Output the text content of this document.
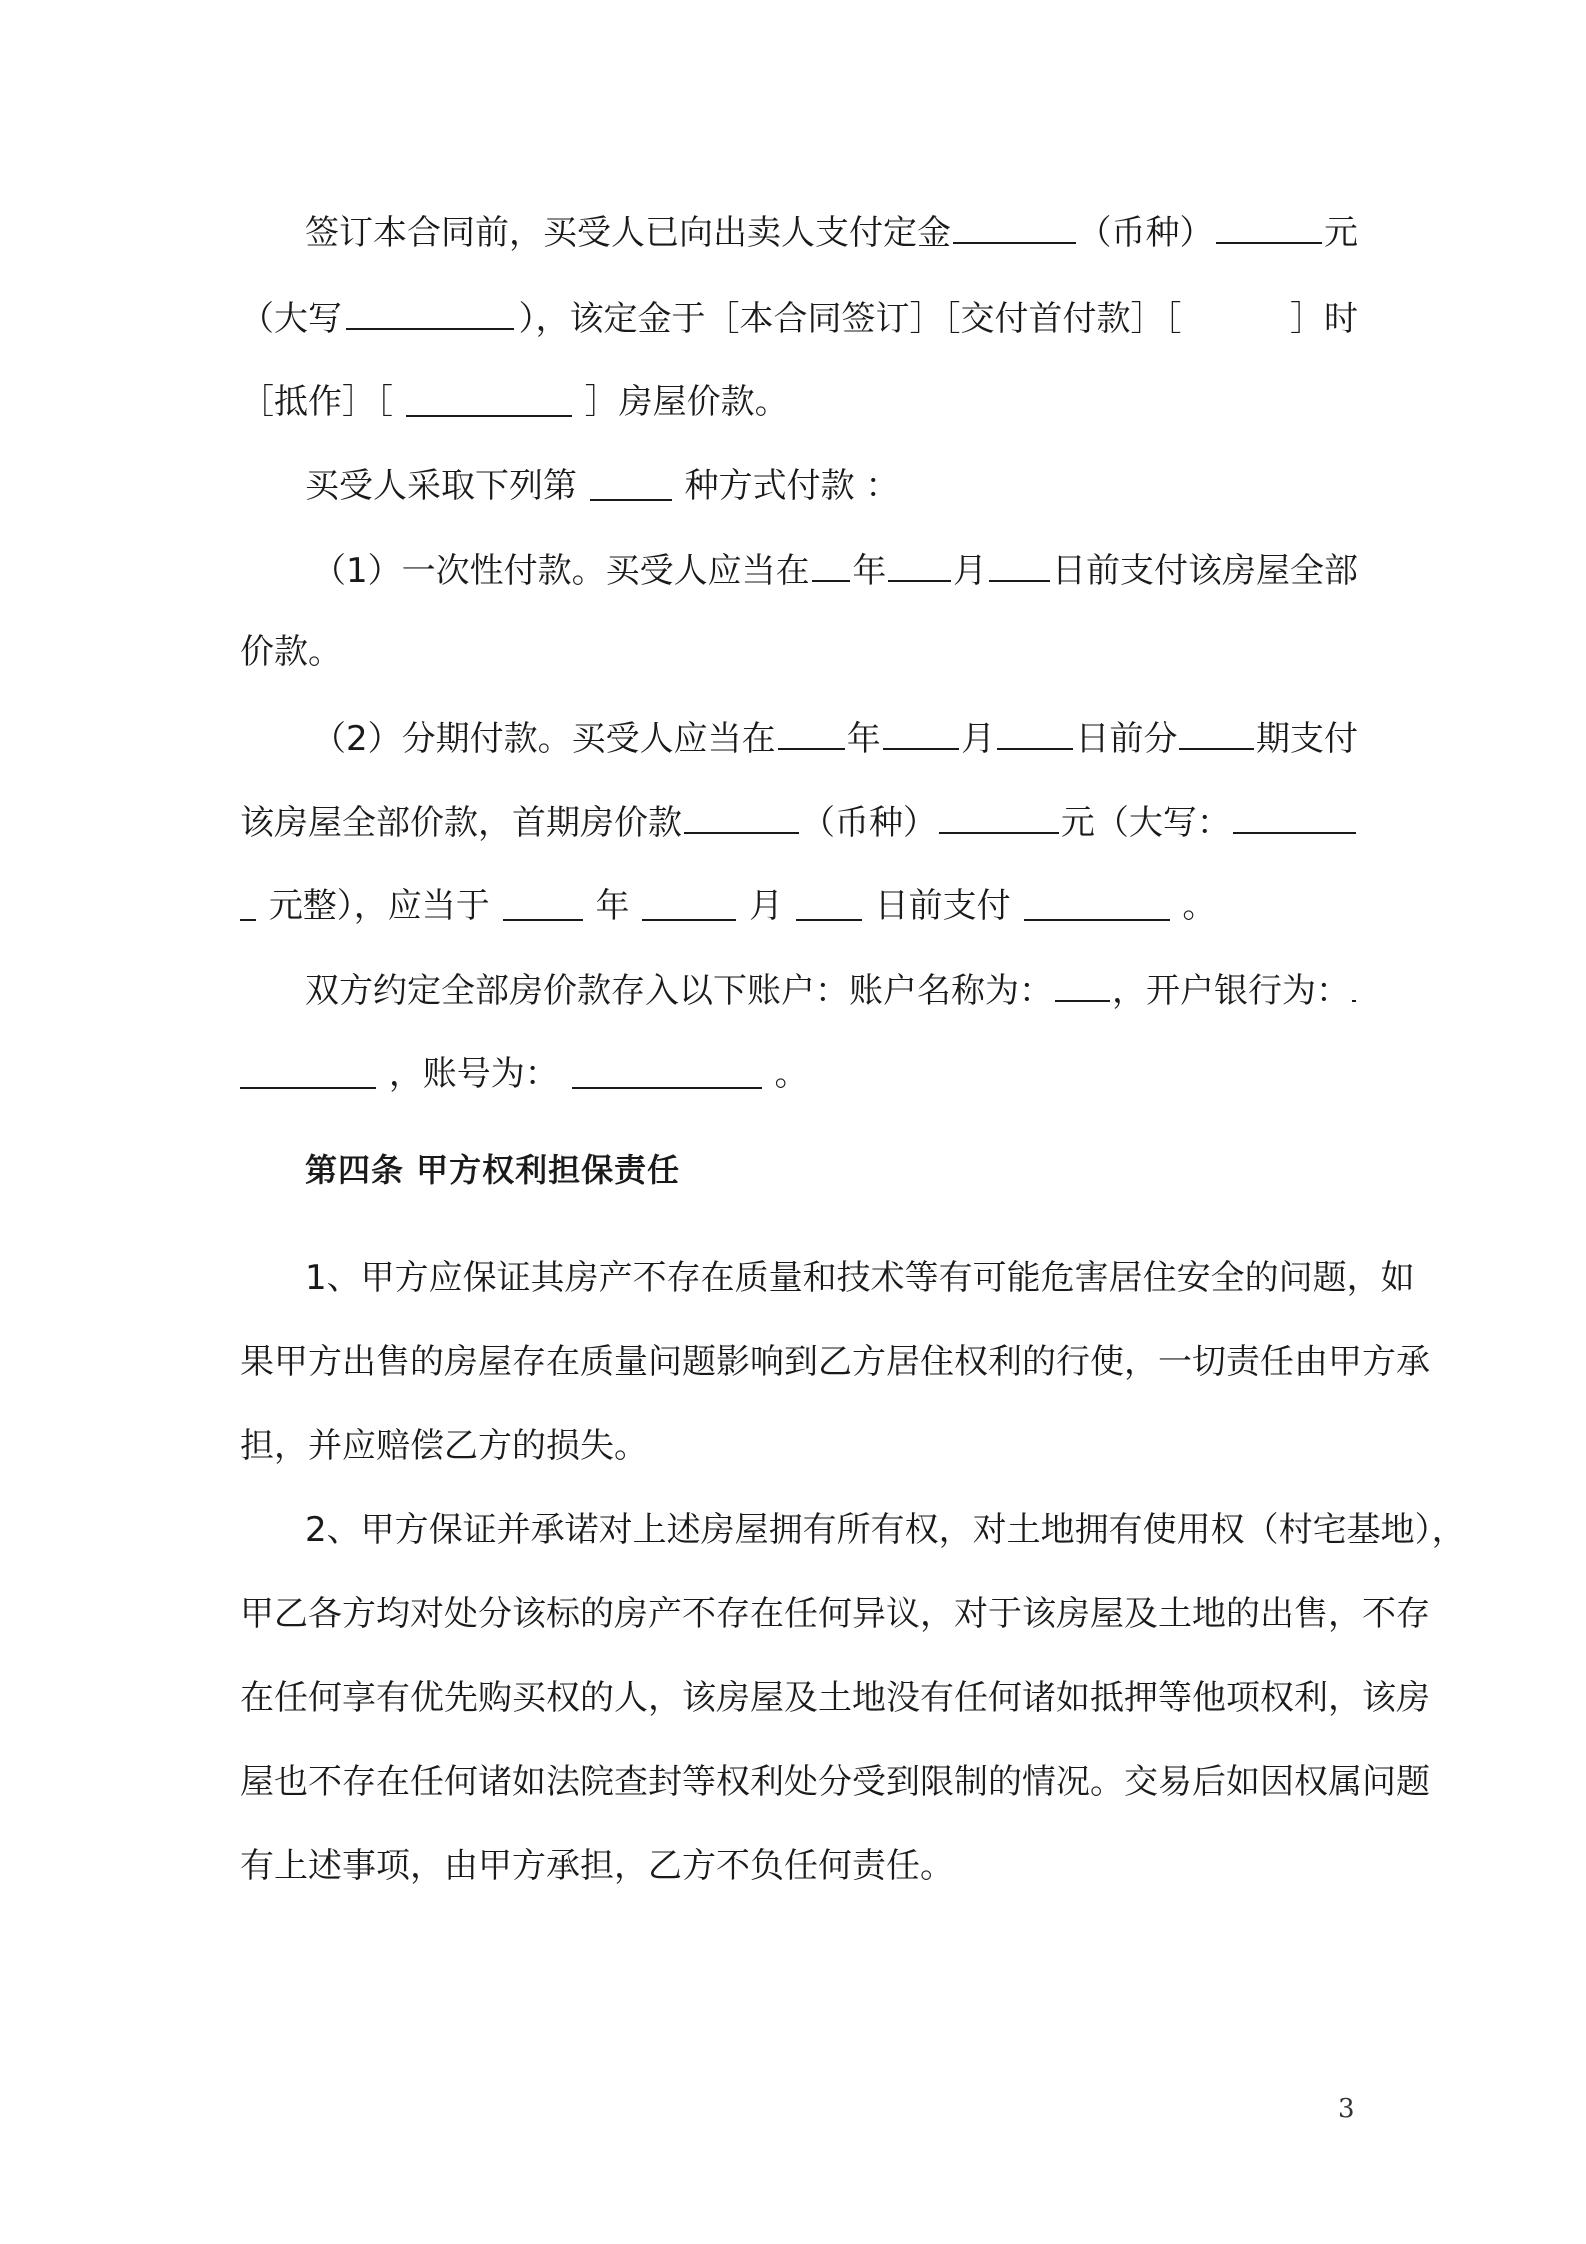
签订本合同前，买受人已向出卖人支付定金	（币种）	元
（大写	），该定金于［本合同签订］［交付首付款］［	］时
［抵作］［	］房屋价款。
买受人采取下列第	种方式付款 ：
（1）一次性付款。买受人应当在 年 月 日前支付该房屋全部
价款。
（2）分期付款。买受人应当在 年 月 日前分 期支付
该房屋全部价款，首期房价款	（币种）	元（大写：
元整），应当于	年	月	日前支付	。
双方约定全部房价款存入以下账户：账户名称为： ，开户银行为：
，账号为：	。
第四条 甲方权利担保责任
1、甲方应保证其房产不存在质量和技术等有可能危害居住安全的问题，如
果甲方出售的房屋存在质量问题影响到乙方居住权利的行使，一切责任由甲方承
担，并应赔偿乙方的损失。
2、甲方保证并承诺对上述房屋拥有所有权，对土地拥有使用权（村宅基地），
甲乙各方均对处分该标的房产不存在任何异议，对于该房屋及土地的出售，不存
在任何享有优先购买权的人，该房屋及土地没有任何诸如抵押等他项权利，该房
屋也不存在任何诸如法院查封等权利处分受到限制的情况。交易后如因权属问题
有上述事项，由甲方承担，乙方不负任何责任。
3
